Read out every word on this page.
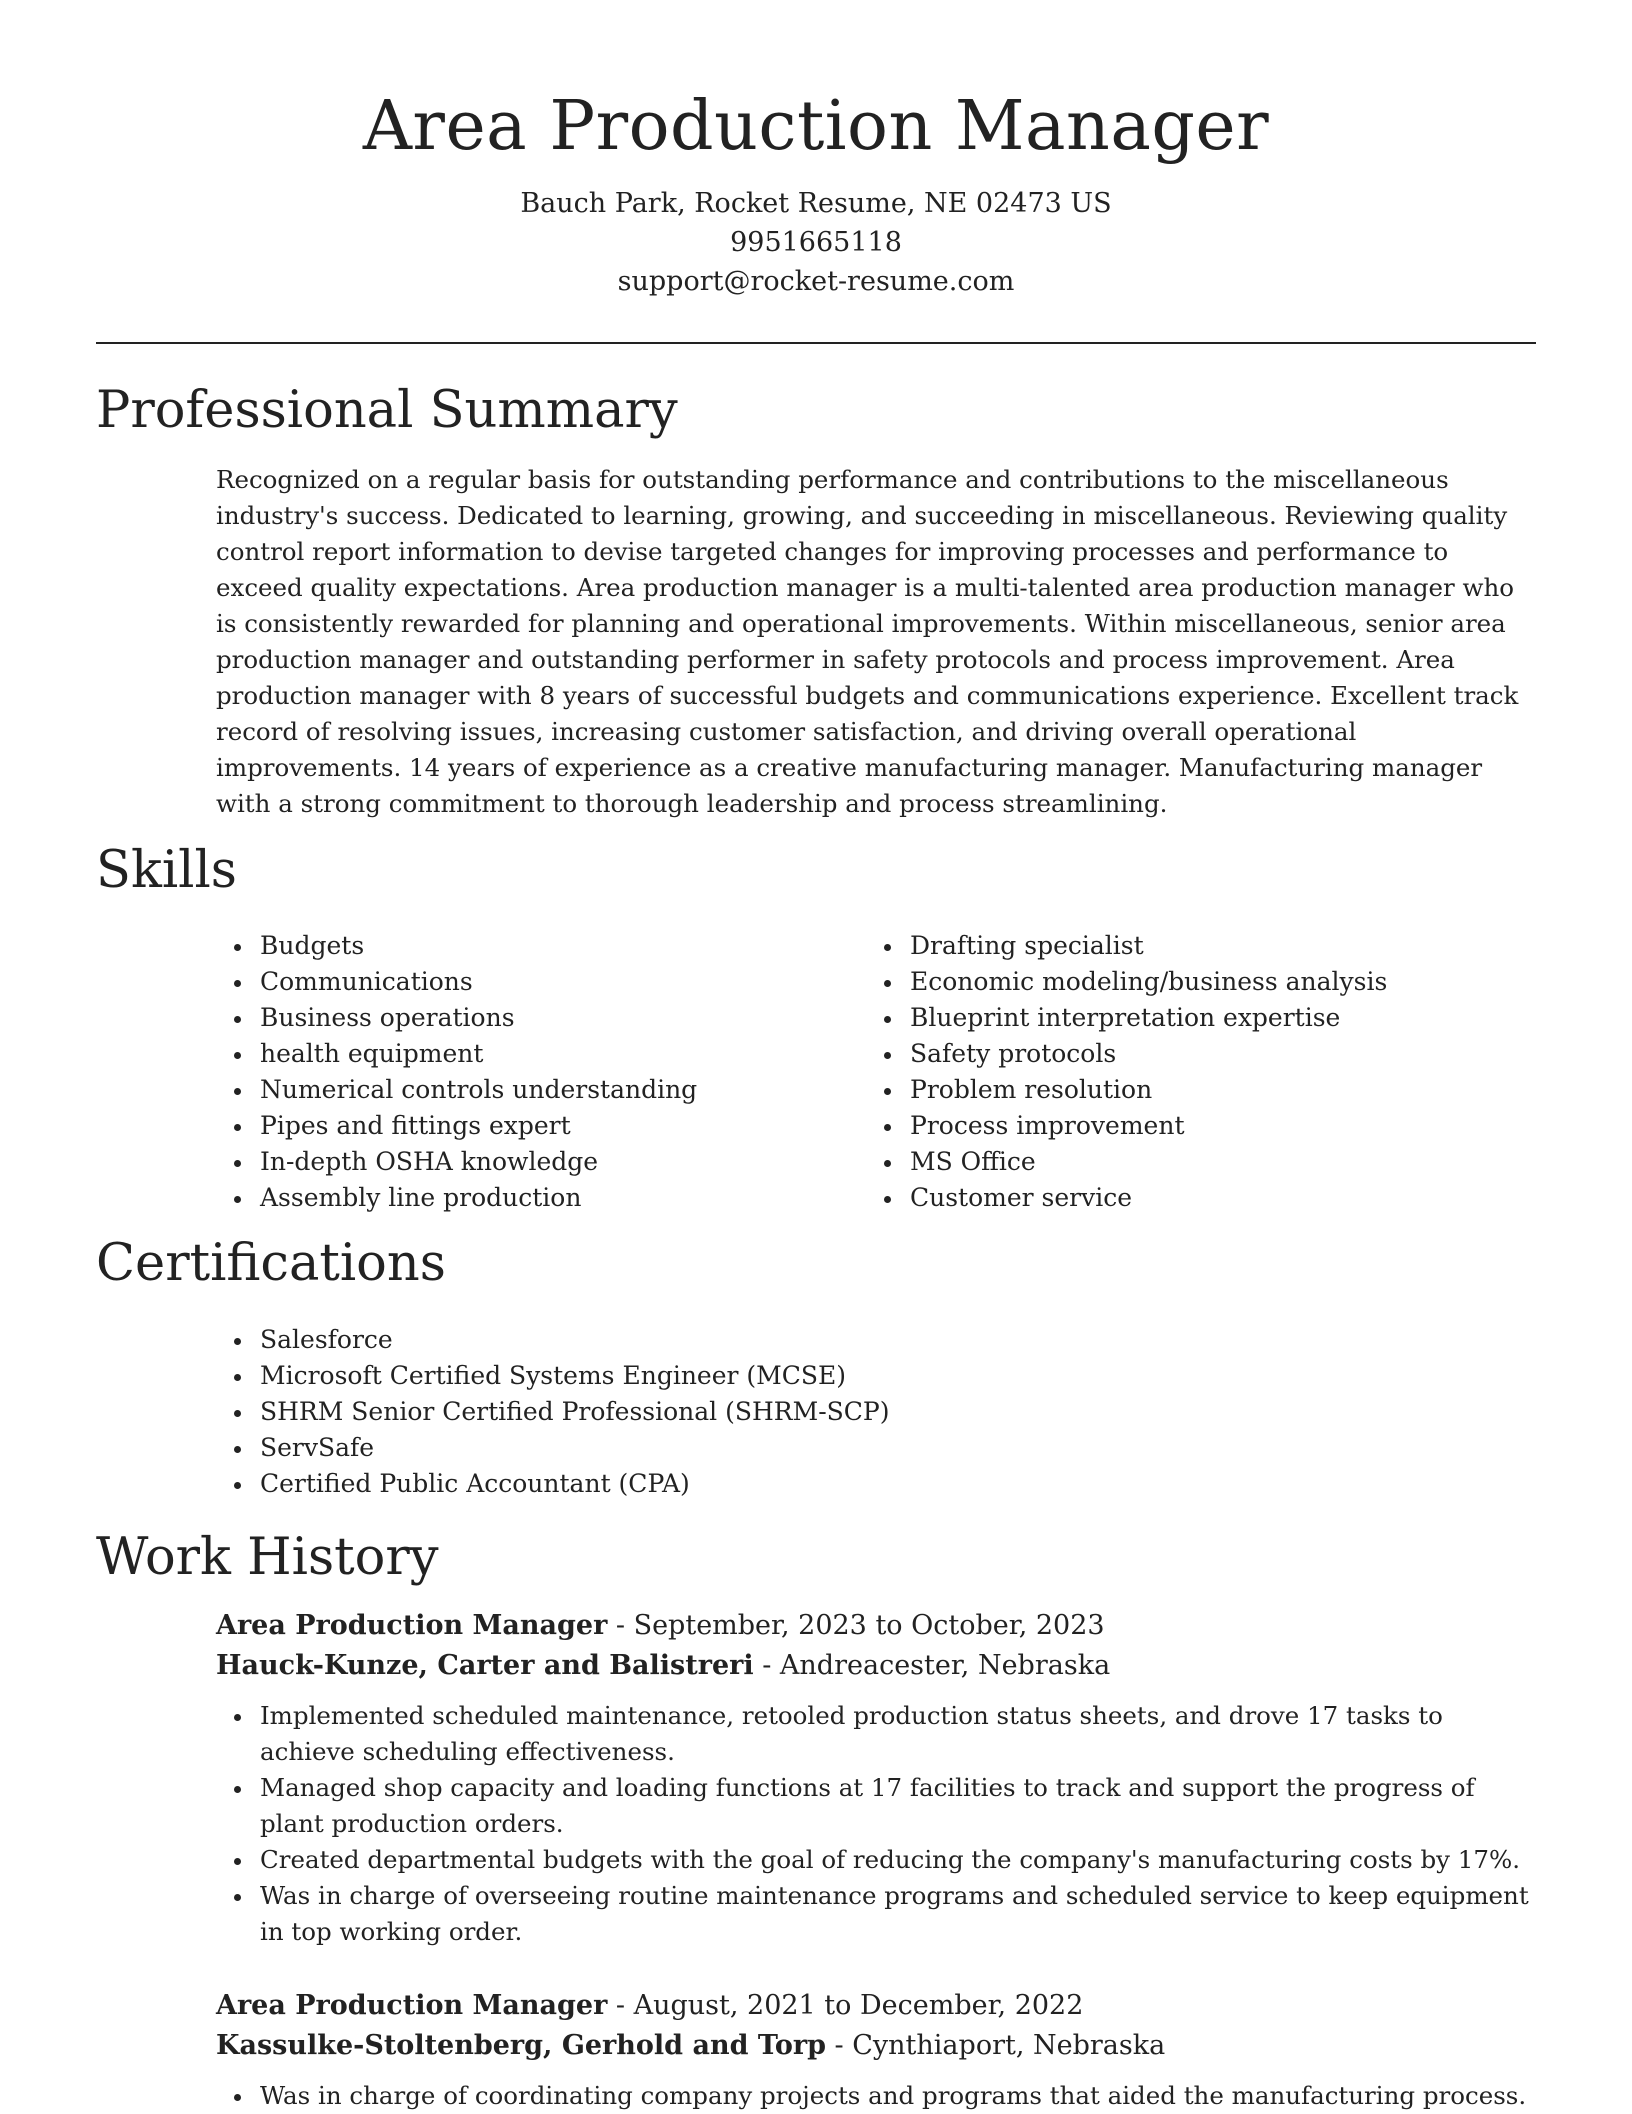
Area Production Manager
Bauch Park, Rocket Resume, NE 02473 US
9951665118
support@rocket-resume.com
Professional Summary

Recognized on a regular basis for outstanding performance and contributions to the miscellaneous industry's success. Dedicated to learning, growing, and succeeding in miscellaneous. Reviewing quality control report information to devise targeted changes for improving processes and performance to exceed quality expectations. Area production manager is a multi-talented area production manager who is consistently rewarded for planning and operational improvements. Within miscellaneous, senior area production manager and outstanding performer in safety protocols and process improvement. Area production manager with 8 years of successful budgets and communications experience. Excellent track record of resolving issues, increasing customer satisfaction, and driving overall operational improvements. 14 years of experience as a creative manufacturing manager. Manufacturing manager with a strong commitment to thorough leadership and process streamlining.

Skills
Budgets
Communications
Business operations
health equipment
Numerical controls understanding
Pipes and fittings expert
In-depth OSHA knowledge
Assembly line production
Drafting specialist
Economic modeling/business analysis
Blueprint interpretation expertise
Safety protocols
Problem resolution
Process improvement
MS Office
Customer service
Certifications
Salesforce
Microsoft Certified Systems Engineer (MCSE)
SHRM Senior Certified Professional (SHRM-SCP)
ServSafe
Certified Public Accountant (CPA)
Work History
Area Production Manager - September, 2023 to October, 2023
Hauck-Kunze, Carter and Balistreri - Andreacester, Nebraska
Implemented scheduled maintenance, retooled production status sheets, and drove 17 tasks to achieve scheduling effectiveness.
Managed shop capacity and loading functions at 17 facilities to track and support the progress of plant production orders.
Created departmental budgets with the goal of reducing the company's manufacturing costs by 17%.
Was in charge of overseeing routine maintenance programs and scheduled service to keep equipment in top working order.
Area Production Manager - August, 2021 to December, 2022
Kassulke-Stoltenberg, Gerhold and Torp - Cynthiaport, Nebraska
Was in charge of coordinating company projects and programs that aided the manufacturing process.
